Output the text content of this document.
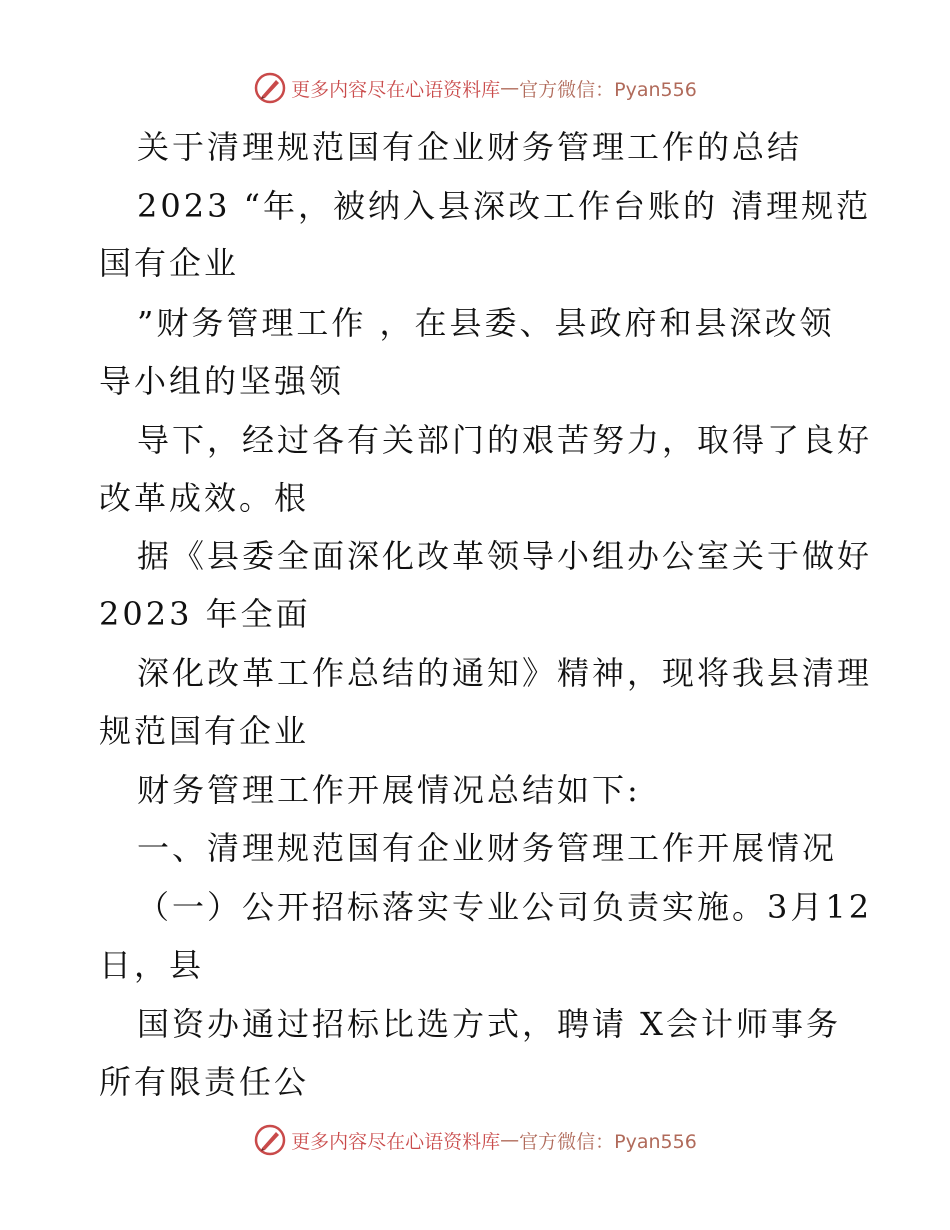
更多内容尽在心语资料库 — 官方微信：Pyan556
关于清理规范国有企业财务管理工作的总结
2023 “年，被纳入县深改工作台账的 清理规范
国有企业
”财务管理工作 ，在县委、县政府和县深改领
导小组的坚强领
导下，经过各有关部门的艰苦努力，取得了良好
改革成效。根
据《县委全面深化改革领导小组办公室关于做好
2023 年全面
深化改革工作总结的通知》精神，现将我县清理
规范国有企业
财务管理工作开展情况总结如下:
一、清理规范国有企业财务管理工作开展情况
（一）公开招标落实专业公司负责实施。3月12
日，县
国资办通过招标比选方式，聘请 X会计师事务
所有限责任公
更多内容尽在心语资料库 — 官方微信：Pyan556
